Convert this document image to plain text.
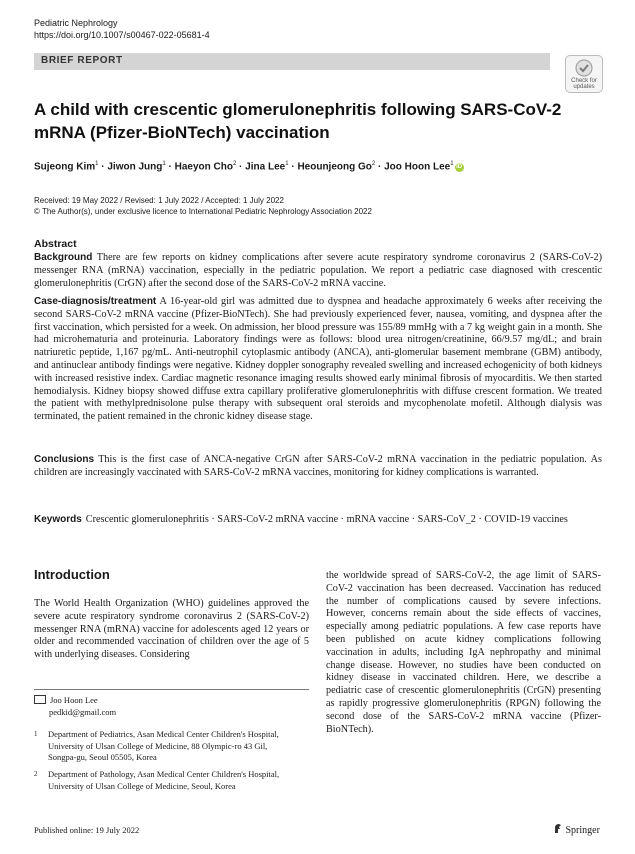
Pediatric Nephrology
https://doi.org/10.1007/s00467-022-05681-4
BRIEF REPORT
Check for
updates
A child with crescentic glomerulonephritis following SARS-CoV-2 mRNA (Pfizer-BioNTech) vaccination
Sujeong Kim$^1$ · Jiwon Jung$^1$ · Haeyon Cho$^2$ · Jina Lee$^1$ · Heounjeong $Go^2$ · Joo Hoon Lee$^1$iD
Received: 19 May 2022 / Revised: 1 July 2022 / Accepted: 1 July 2022
© The Author(s), under exclusive licence to International Pediatric Nephrology Association 2022
Abstract

Background There are few reports on kidney complications after severe acute respiratory syndrome coronavirus 2 (SARS-CoV-2) messenger RNA (mRNA) vaccination, especially in the pediatric population. We report a pediatric case diagnosed with crescentic glomerulonephritis (CrGN) after the second dose of the SARS-CoV-2 mRNA vaccine.

Case-diagnosis/treatment A 16-year-old girl was admitted due to dyspnea and headache approximately 6 weeks after receiving the second SARS-CoV-2 mRNA vaccine (Pfizer-BioNTech). She had previously experienced fever, nausea, vomiting, and dyspnea after the first vaccination, which persisted for a week. On admission, her blood pressure was 155/89 mmHg with a 7 kg weight gain in a month. She had microhematuria and proteinuria. Laboratory findings were as follows: blood urea nitrogen/creatinine, 66/9.57 mg/dL; and brain natriuretic peptide, 1,167 pg/mL. Anti-neutrophil cytoplasmic antibody (ANCA), anti-glomerular basement membrane (GBM) antibody, and antinuclear antibody findings were negative. Kidney doppler sonography revealed swelling and increased echogenicity of both kidneys with increased resistive index. Cardiac magnetic resonance imaging results showed early minimal fibrosis of myocarditis. We then started hemodialysis. Kidney biopsy showed diffuse extra capillary proliferative glomerulonephritis with diffuse crescent formation. We treated the patient with methylprednisolone pulse therapy with subsequent oral steroids and mycophenolate mofetil. Although dialysis was terminated, the patient remained in the chronic kidney disease stage.

Conclusions This is the first case of ANCA-negative CrGN after SARS-CoV-2 mRNA vaccination in the pediatric population. As children are increasingly vaccinated with SARS-CoV-2 mRNA vaccines, monitoring for kidney complications is warranted.

Keywords Crescentic glomerulonephritis · SARS-CoV-2 mRNA vaccine · mRNA vaccine · SARS-CoV_2 · COVID-19 vaccines
Introduction

The World Health Organization (WHO) guidelines approved the severe acute respiratory syndrome coronavirus 2 (SARS-CoV-2) messenger RNA (mRNA) vaccine for adolescents aged 12 years or older and recommended vaccination of children over the age of 5 with underlying diseases. Considering

the worldwide spread of SARS-CoV-2, the age limit of SARS-CoV-2 vaccination has been decreased. Vaccination has reduced the number of complications caused by severe infections. However, concerns remain about the side effects of vaccines, especially among pediatric populations. A few case reports have been published on acute kidney complications following vaccination in adults, including IgA nephropathy and minimal change disease. However, no studies have been conducted on kidney disease in vaccinated children. Here, we describe a pediatric case of crescentic glomerulonephritis (CrGN) presenting as rapidly progressive glomerulonephritis (RPGN) following the second dose of the SARS-CoV-2 mRNA vaccine (Pfizer-BioNTech).

Joo Hoon Lee
pedkid@gmail.com
1 Department of Pediatrics, Asan Medical Center Children's Hospital, University of Ulsan College of Medicine, 88 Olympic-ro 43 Gil, Songpa-gu, Seoul 05505, Korea
2 Department of Pathology, Asan Medical Center Children's Hospital, University of Ulsan College of Medicine, Seoul, Korea
Published online: 19 July 2022	Springer
